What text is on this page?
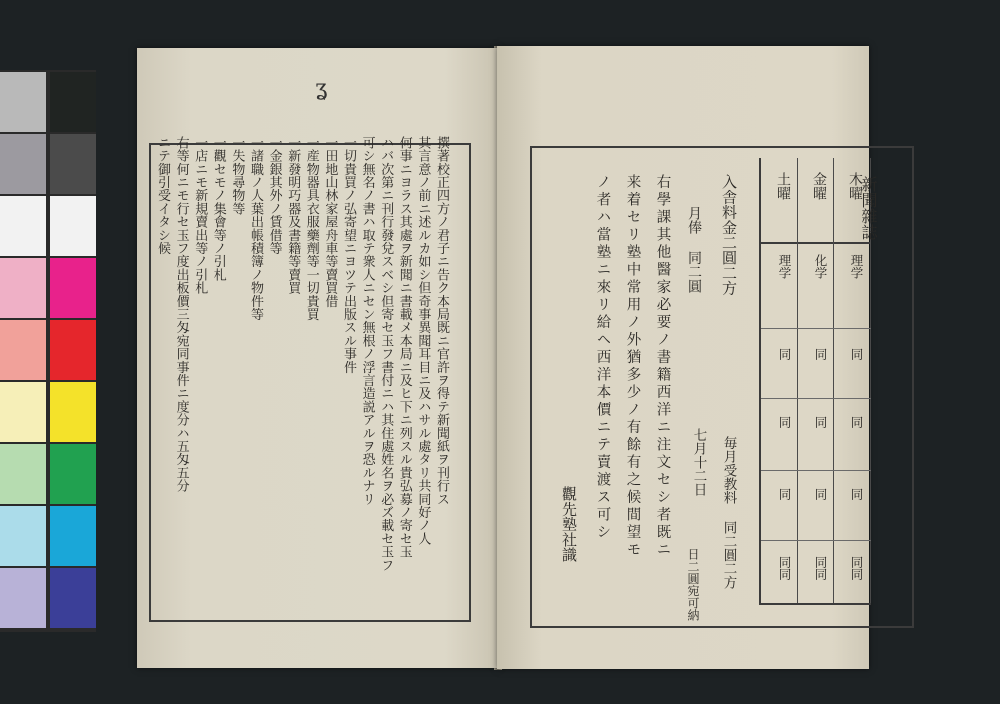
ʓ
撰著校正四方ノ君子ニ告ク本局既ニ官許ヲ得テ新聞紙ヲ刊行ス
其言意ノ前ニ述ルカ如シ但奇事異聞耳目ニ及ハサル處タリ共同好ノ人
何事ニヨラス其處ヲ新聞ニ書載メ本局ニ及ヒ下ニ列スル貴弘募ノ寄セ玉
ハバ次第ニ刊行發兌スベシ但寄セ玉フ書付ニハ其住處姓名ヲ必ズ載セ玉フ
可シ無名ノ書ハ取テ衆人ニセン無根ノ浮言造説アルヲ恐ルナリ
一切貴買ノ弘寄望ニヨツテ出版スル事件
一田地山林家屋舟車等賣買借
一産物器具衣服藥劑等一切貴買
一新發明巧器及書籍等賣買
一金銀其外ノ賃借等
一諸職ノ人葉出帳積簿ノ物件等
一失物尋物等
一觀セモノ集會等ノ引札
一店ニモ新規賣出等ノ引札
右等何ニモ行セ玉フ度出板價三匁宛同事件ニ度分ハ五匁五分
ニテ御引受イタシ候	木曜
金曜
土曜
理学
同
同
同
同
同
化学
同
同
同
同
同
理学
同
同
同
同
同
新聞雜誌
入舎料金二圓二方
毎月受教料 同二圓二方
月俸 同二圓
七月十二日
日二圓宛可納
右學課其他醫家必要ノ書籍西洋ニ注文セシ者既ニ
来着セリ塾中常用ノ外猶多少ノ有餘有之候間望モ
ノ者ハ當塾ニ來リ給ヘ西洋本價ニテ賣渡ス可シ
觀先塾社識
